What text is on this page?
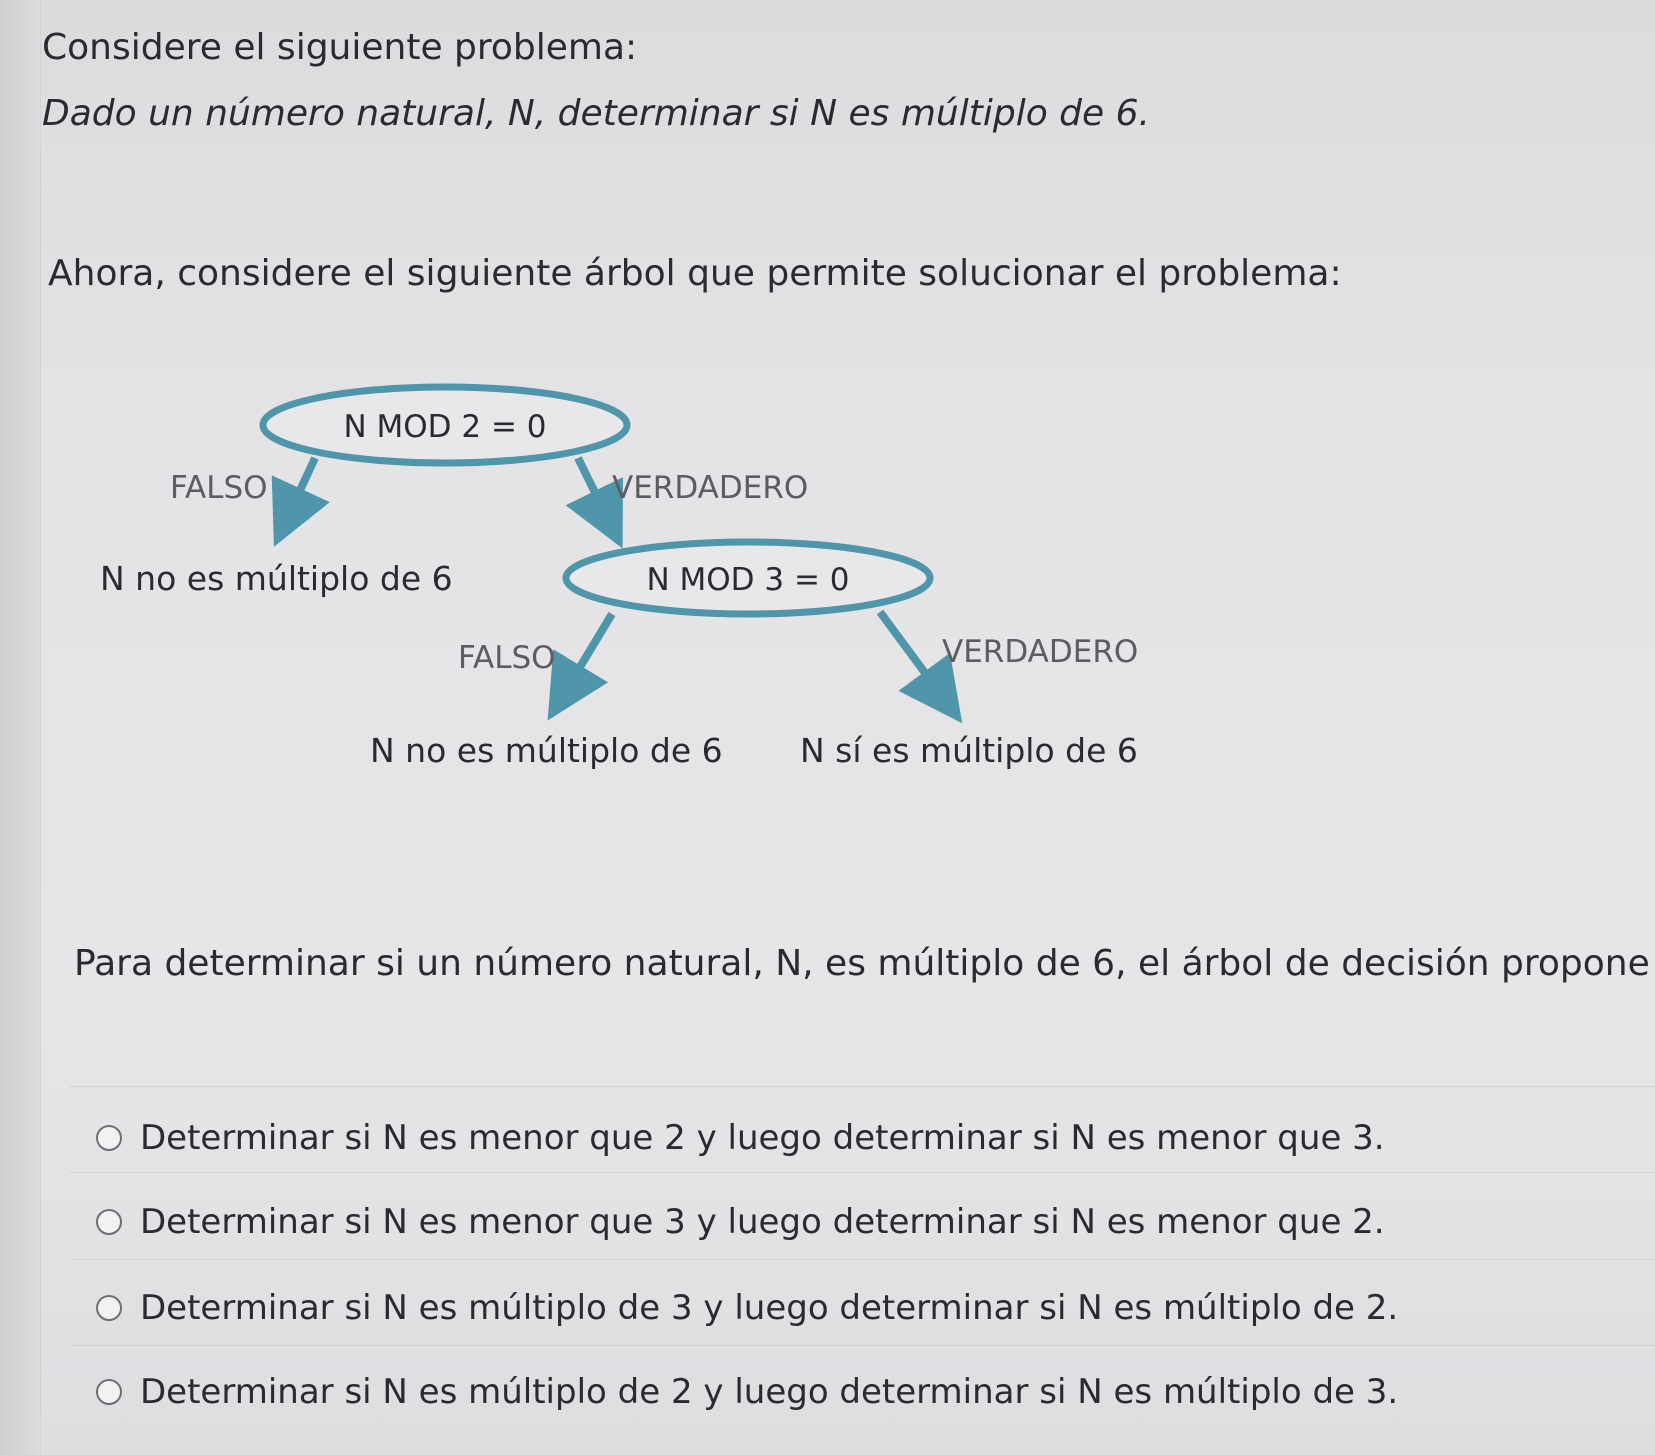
Considere el siguiente problema:
Dado un número natural, N, determinar si N es múltiplo de 6.
Ahora, considere el siguiente árbol que permite solucionar el problema:
N MOD 2 = 0
FALSO	VERDADERO
N no es múltiplo de 6	N MOD 3 = 0
FALSO	VERDADERO
N no es múltiplo de 6 N sí es múltiplo de 6
Para determinar si un número natural, N, es múltiplo de 6, el árbol de decisión propone
Determinar si N es menor que 2 y luego determinar si N es menor que 3.
Determinar si N es menor que 3 y luego determinar si N es menor que 2.
Determinar si N es múltiplo de 3 y luego determinar si N es múltiplo de 2.
Determinar si N es múltiplo de 2 y luego determinar si N es múltiplo de 3.
